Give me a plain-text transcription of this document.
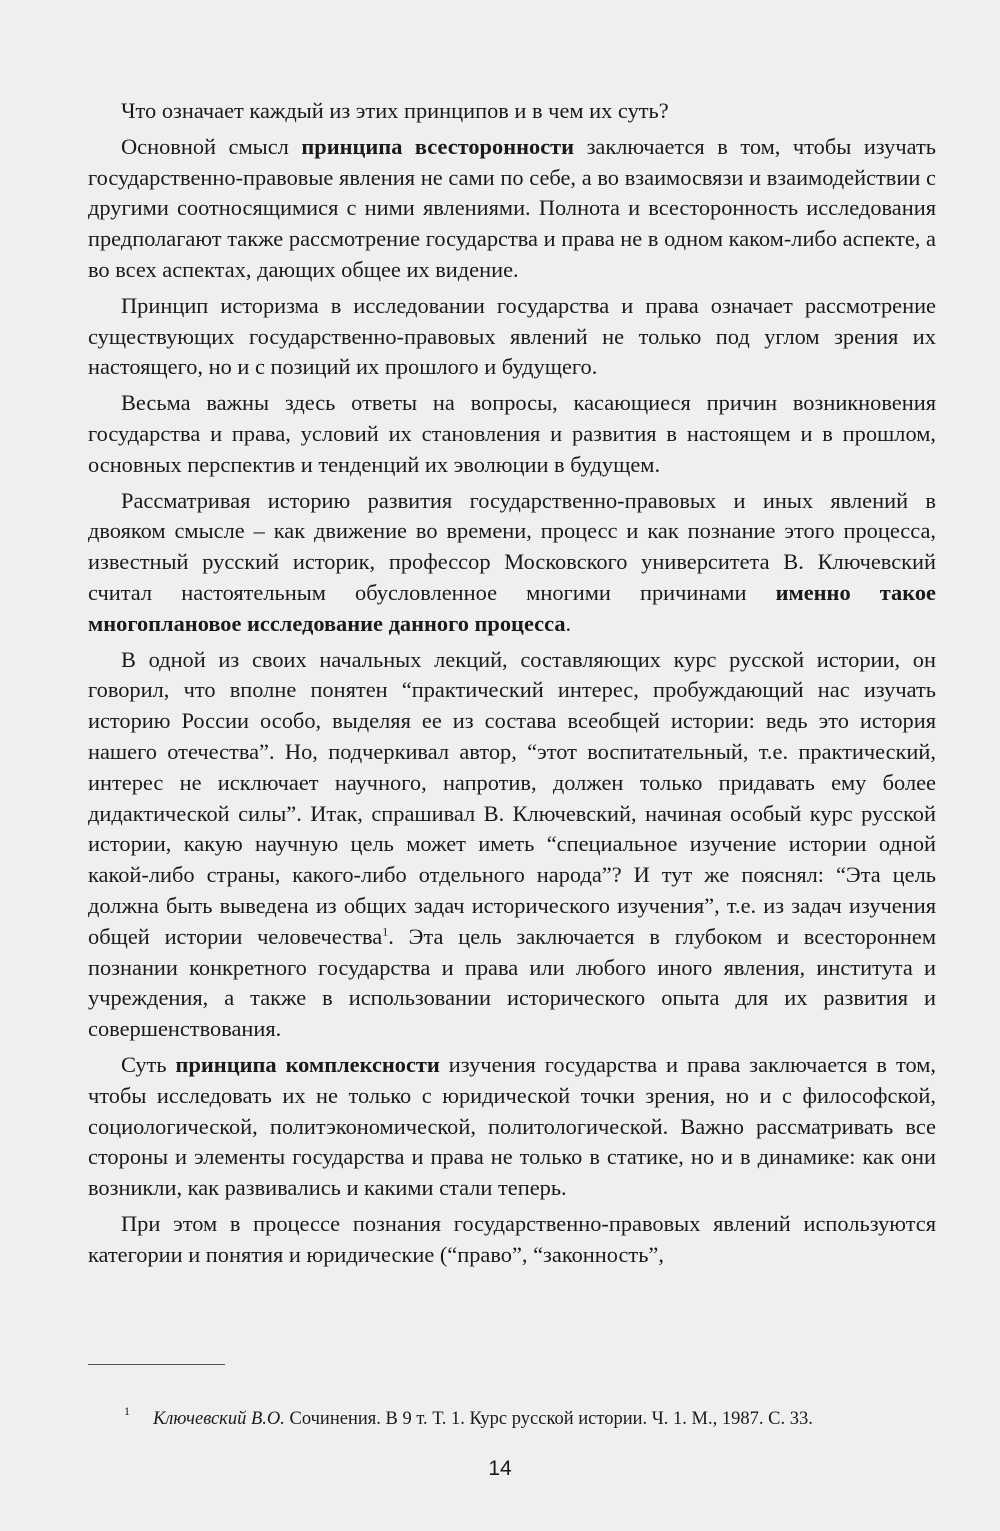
Что означает каждый из этих принципов и в чем их суть?

Основной смысл принципа всесторонности заключается в том, чтобы изучать государственно-правовые явления не сами по себе, а во взаимосвязи и взаимодействии с другими соотносящимися с ними явлениями. Полнота и всесторонность исследования предполагают также рассмотрение государства и права не в одном каком-либо аспекте, а во всех аспектах, дающих общее их видение.

Принцип историзма в исследовании государства и права означает рассмотрение существующих государственно-правовых явлений не только под углом зрения их настоящего, но и с позиций их прошлого и будущего.

Весьма важны здесь ответы на вопросы, касающиеся причин возникновения государства и права, условий их становления и развития в настоящем и в прошлом, основных перспектив и тенденций их эволюции в будущем.

Рассматривая историю развития государственно-правовых и иных явлений в двояком смысле – как движение во времени, процесс и как познание этого процесса, известный русский историк, профессор Московского университета В. Ключевский считал настоятельным обусловленное многими причинами именно такое многоплановое исследование данного процесса.

В одной из своих начальных лекций, составляющих курс русской истории, он говорил, что вполне понятен “практический интерес, пробуждающий нас изучать историю России особо, выделяя ее из состава всеобщей истории: ведь это история нашего отечества”. Но, подчеркивал автор, “этот воспитательный, т.е. практический, интерес не исключает научного, напротив, должен только придавать ему более дидактической силы”. Итак, спрашивал В. Ключевский, начиная особый курс русской истории, какую научную цель может иметь “специальное изучение истории одной какой-либо страны, какого-либо отдельного народа”? И тут же пояснял: “Эта цель должна быть выведена из общих задач исторического изучения”, т.е. из задач изучения общей истории человечества$^1$. Эта цель заключается в глубоком и всестороннем познании конкретного государства и права или любого иного явления, института и учреждения, а также в использовании исторического опыта для их развития и совершенствования.

Суть принципа комплексности изучения государства и права заключается в том, чтобы исследовать их не только с юридической точки зрения, но и с философской, социологической, политэкономической, политологической. Важно рассматривать все стороны и элементы государства и права не только в статике, но и в динамике: как они возникли, как развивались и какими стали теперь.

При этом в процессе познания государственно-правовых явлений используются категории и понятия и юридические (“право”, “законность”,

1	Ключевский В.О. Сочинения. В 9 т. Т. 1. Курс русской истории. Ч. 1. М., 1987. С. 33.
14
